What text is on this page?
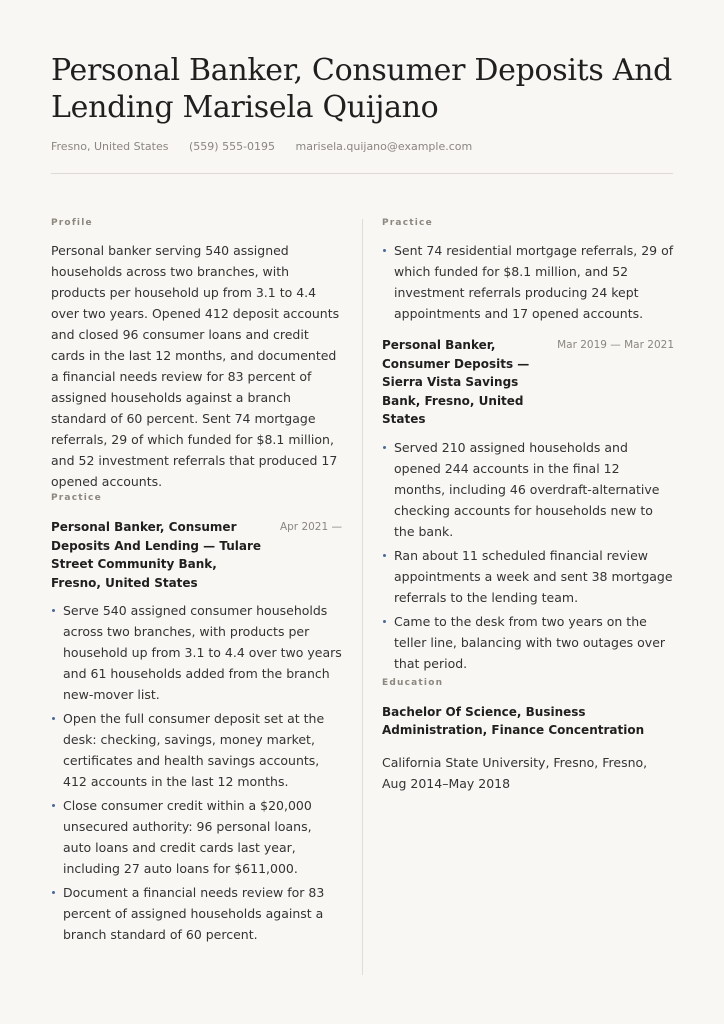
Personal Banker, Consumer Deposits And Lending Marisela Quijano
Fresno, United States (559) 555-0195 marisela.quijano@example.com
Profile

Personal banker serving 540 assigned households across two branches, with products per household up from 3.1 to 4.4 over two years. Opened 412 deposit accounts and closed 96 consumer loans and credit cards in the last 12 months, and documented a financial needs review for 83 percent of assigned households against a branch standard of 60 percent. Sent 74 mortgage referrals, 29 of which funded for $8.1 million, and 52 investment referrals that produced 17 opened accounts.

Practice
Personal Banker, Consumer Deposits And Lending — Tulare Street Community Bank, Fresno, United States
Apr 2021 —
Serve 540 assigned consumer households across two branches, with products per household up from 3.1 to 4.4 over two years and 61 households added from the branch new-mover list.
Open the full consumer deposit set at the desk: checking, savings, money market, certificates and health savings accounts, 412 accounts in the last 12 months.
Close consumer credit within a $20,000 unsecured authority: 96 personal loans, auto loans and credit cards last year, including 27 auto loans for $611,000.
Document a financial needs review for 83 percent of assigned households against a branch standard of 60 percent.
Practice
Sent 74 residential mortgage referrals, 29 of which funded for $8.1 million, and 52 investment referrals producing 24 kept appointments and 17 opened accounts.
Personal Banker, Consumer Deposits — Sierra Vista Savings Bank, Fresno, United States
Mar 2019 — Mar 2021
Served 210 assigned households and opened 244 accounts in the final 12 months, including 46 overdraft-alternative checking accounts for households new to the bank.
Ran about 11 scheduled financial review appointments a week and sent 38 mortgage referrals to the lending team.
Came to the desk from two years on the teller line, balancing with two outages over that period.
Education

Bachelor Of Science, Business Administration, Finance Concentration

California State University, Fresno, Fresno, Aug 2014–May 2018
